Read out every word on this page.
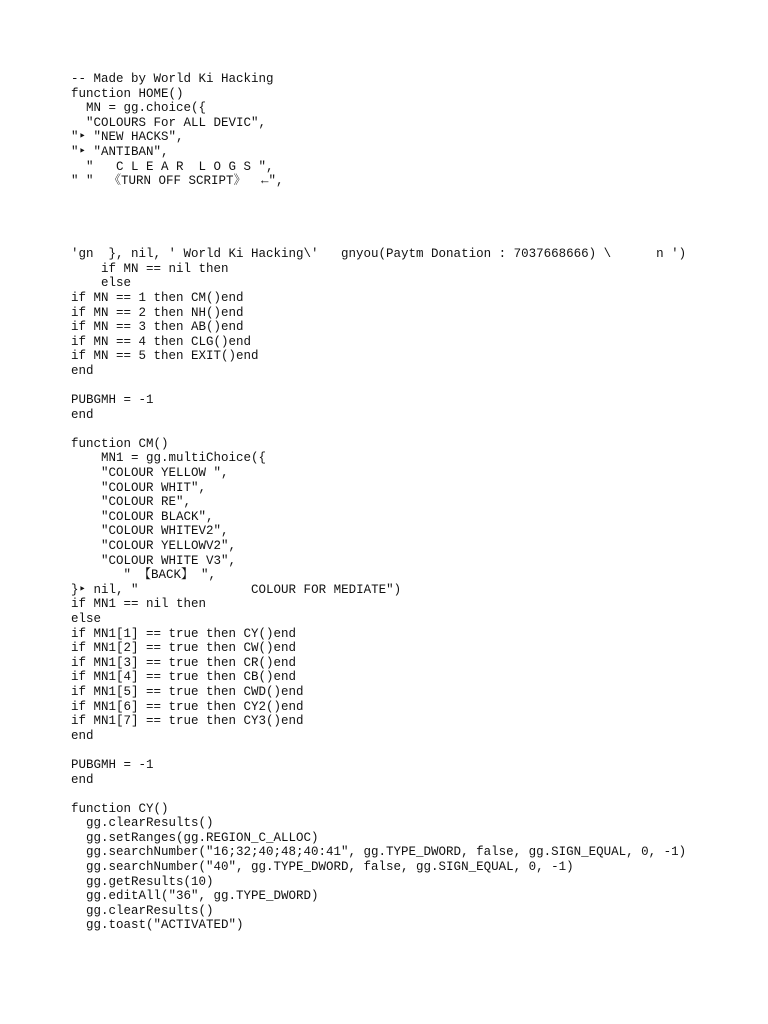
-- ⁣⁣⁣Made by World Ki Hacking
function HOME()
MN = gg.choice({
"⁣⁣⁣COLOURS For ALL DEVIC⁣⁣⁣",
"‣ "NEW HACKS",
"‣ "ANTIBAN",
"   C L E A R  L O G S ",
" "  《TURN OFF SCRIPT》  ←",
'gn  }, nil, ' World Ki Hacking\'   gn⁣you(Paytm Donation : 7037668666) \      n ')
if MN == nil then
else
if MN == 1 then CM()end
if MN == 2 then NH()end
if MN == 3 then AB()end
if MN == 4 then CLG()end
if MN == 5 then EXIT()end
end
PUBGMH = -1
end
function CM()
MN1 = gg.multiChoice({
"⁣⁣⁣COLOUR YELLOW ⁣⁣⁣",
"⁣⁣⁣COLOUR WHIT⁣⁣⁣",
"⁣⁣⁣COLOUR RE⁣⁣⁣",
"⁣⁣⁣COLOUR BLACK⁣⁣⁣",
"⁣⁣⁣COLOUR WHITEV2⁣⁣⁣",
"⁣⁣⁣COLOUR YELLOWV2⁣⁣⁣",
"⁣⁣⁣COLOUR WHITE V3⁣⁣⁣",
" 【BACK】 ",
}‣ nil, "               COLOUR FOR MEDIATE")
if MN1 == nil then
else
if MN1[1] == true then CY()end
if MN1[2] == true then CW()end
if MN1[3] == true then CR()end
if MN1[4] == true then CB()end
if MN1[5] == true then CWD()end
if MN1[6] == true then CY2()end
if MN1[7] == true then CY3()end
end
PUBGMH = -1
end
function CY()
gg.clearResults()
gg.setRanges(gg.REGION_C_ALLOC)
gg.searchNumber("16;32;40;48;40:41", gg.TYPE_DWORD, false, gg.SIGN_EQUAL, 0, -1)
gg.searchNumber("40", gg.TYPE_DWORD, false, gg.SIGN_EQUAL, 0, -1)
gg.getResults(10)
gg.editAll("36", gg.TYPE_DWORD)
gg.clearResults()
gg.toast("⁣⁣⁣ACTIVATED⁣⁣⁣")
